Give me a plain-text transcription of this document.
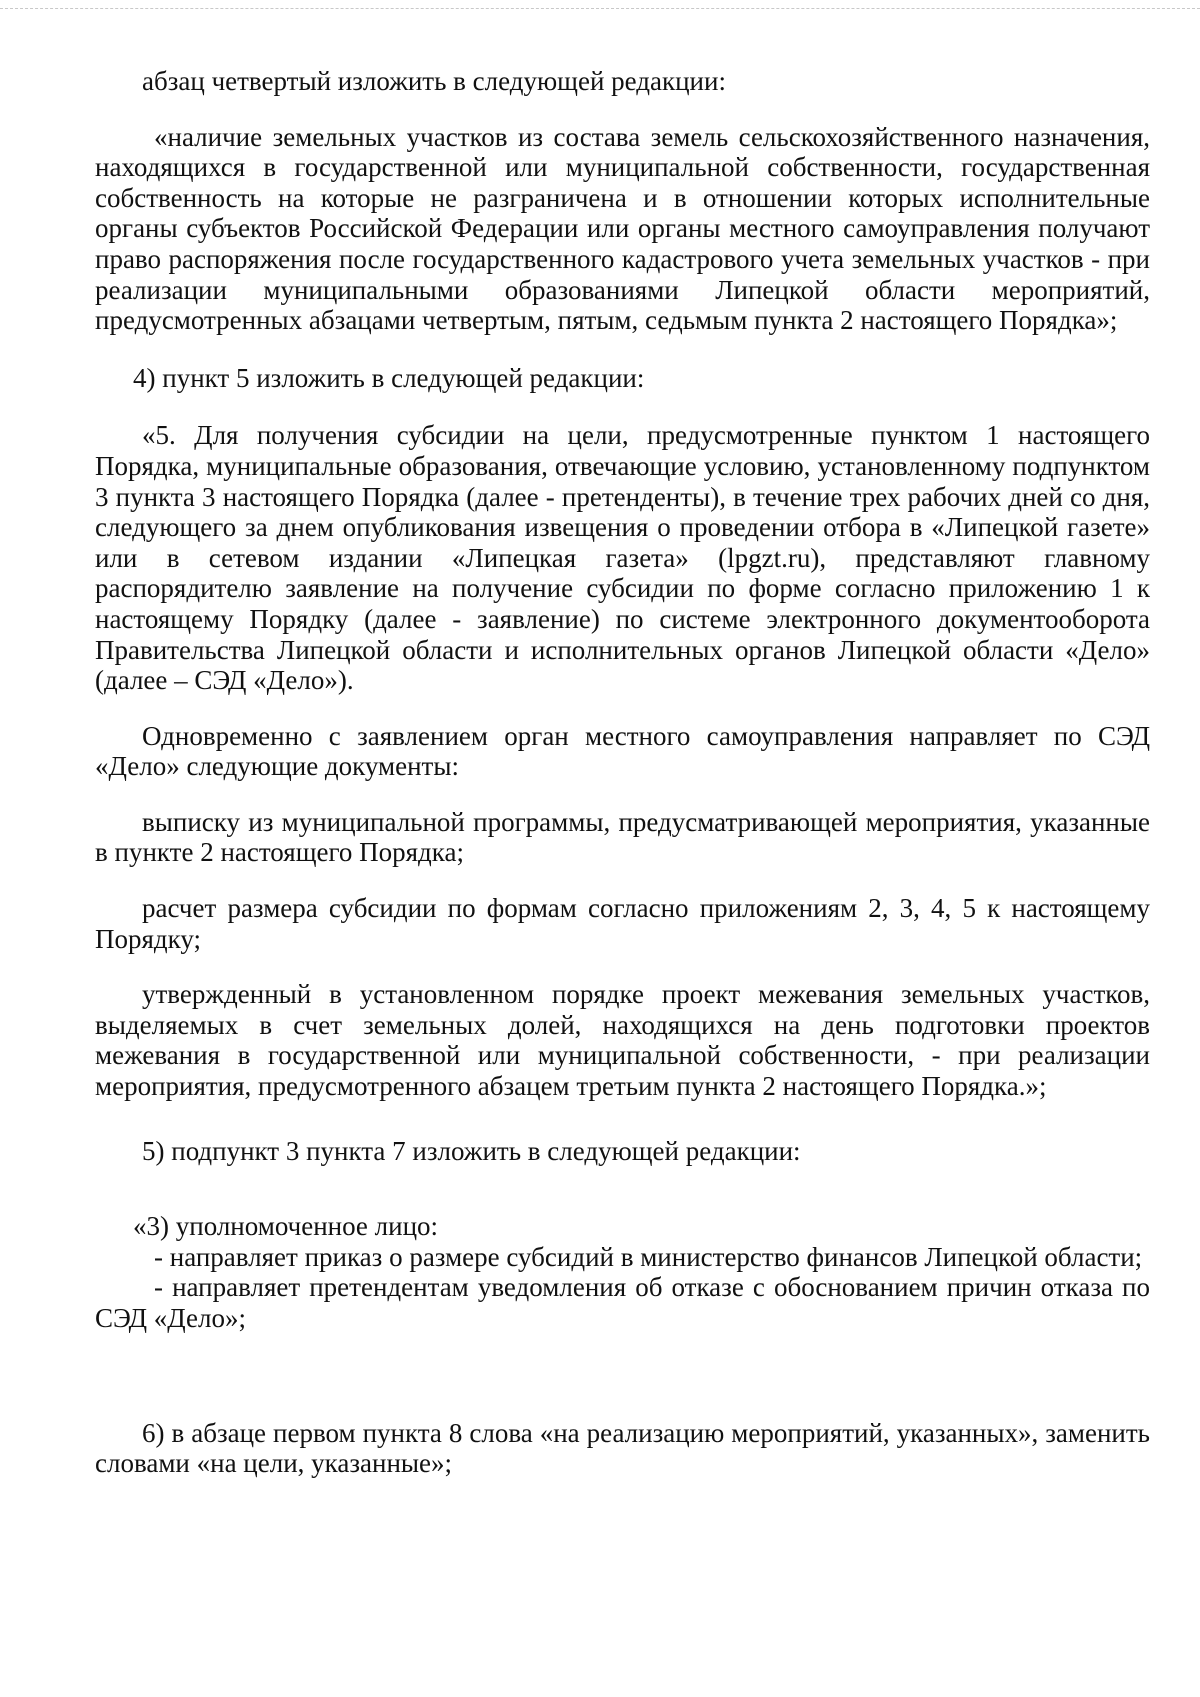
абзац четвертый изложить в следующей редакции:

«наличие земельных участков из состава земель сельскохозяйственного назначения, находящихся в государственной или муниципальной собственности, государственная собственность на которые не разграничена и в отношении которых исполнительные органы субъектов Российской Федерации или органы местного самоуправления получают право распоряжения после государственного кадастрового учета земельных участков - при реализации муниципальными образованиями Липецкой области мероприятий, предусмотренных абзацами четвертым, пятым, седьмым пункта 2 настоящего Порядка»;

4) пункт 5 изложить в следующей редакции:

«5. Для получения субсидии на цели, предусмотренные пунктом 1 настоящего Порядка, муниципальные образования, отвечающие условию, установленному подпунктом 3 пункта 3 настоящего Порядка (далее - претенденты), в течение трех рабочих дней со дня, следующего за днем опубликования извещения о проведении отбора в «Липецкой газете» или в сетевом издании «Липецкая газета» (lpgzt.ru), представляют главному распорядителю заявление на получение субсидии по форме согласно приложению 1 к настоящему Порядку (далее - заявление) по системе электронного документооборота Правительства Липецкой области и исполнительных органов Липецкой области «Дело» (далее – СЭД «Дело»).

Одновременно с заявлением орган местного самоуправления направляет по СЭД «Дело» следующие документы:

выписку из муниципальной программы, предусматривающей мероприятия, указанные в пункте 2 настоящего Порядка;

расчет размера субсидии по формам согласно приложениям 2, 3, 4, 5 к настоящему Порядку;

утвержденный в установленном порядке проект межевания земельных участков, выделяемых в счет земельных долей, находящихся на день подготовки проектов межевания в государственной или муниципальной собственности, - при реализации мероприятия, предусмотренного абзацем третьим пункта 2 настоящего Порядка.»;

5) подпункт 3 пункта 7 изложить в следующей редакции:

«3) уполномоченное лицо:

- направляет приказ о размере субсидий в министерство финансов Липецкой области;

- направляет претендентам уведомления об отказе с обоснованием причин отказа по СЭД «Дело»;

6) в абзаце первом пункта 8 слова «на реализацию мероприятий, указанных», заменить словами «на цели, указанные»;
